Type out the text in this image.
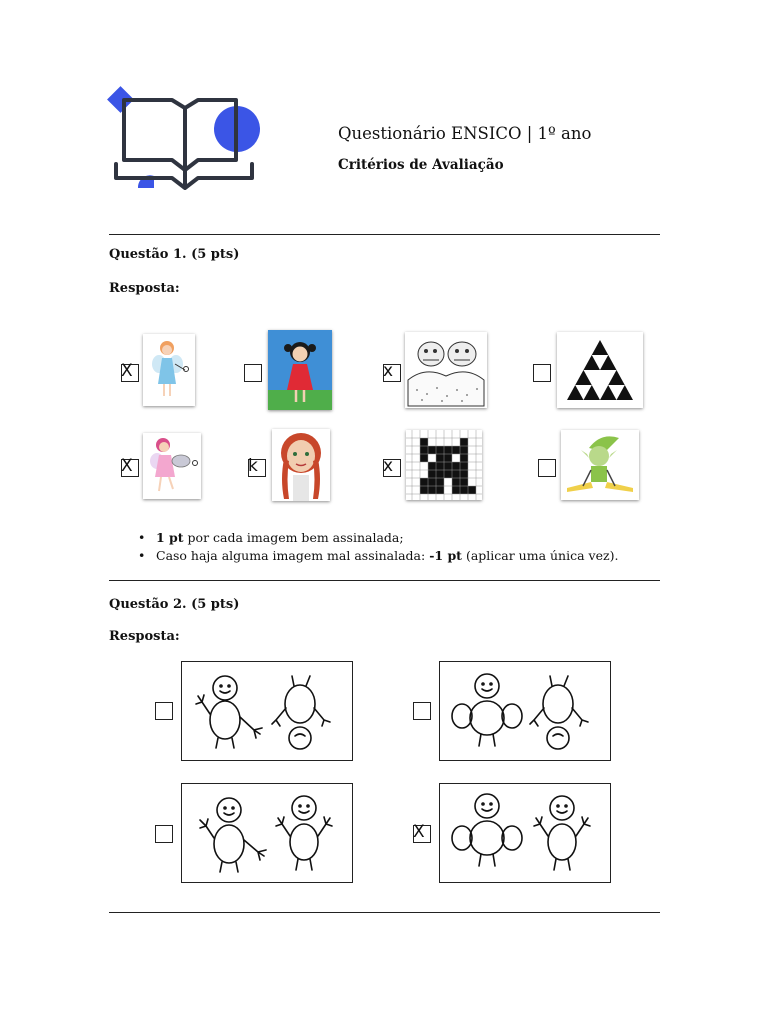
Questionário ENSICO | 1º ano
Critérios de Avaliação
Questão 1. (5 pts)
Resposta:
X	x
X	k	x
• 1 pt por cada imagem bem assinalada;
• Caso haja alguma imagem mal assinalada: -1 pt (aplicar uma única vez).
Questão 2. (5 pts)
Resposta:
X
